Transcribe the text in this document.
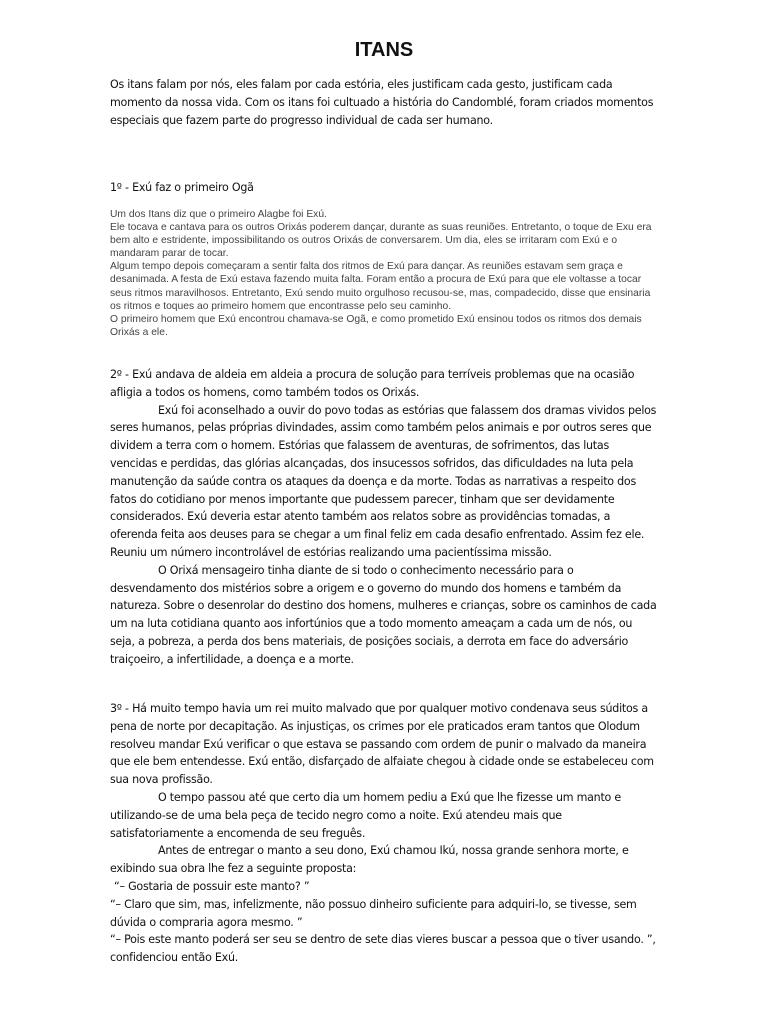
ITANS

Os itans falam por nós, eles falam por cada estória, eles justificam cada gesto, justificam cada momento da nossa vida. Com os itans foi cultuado a história do Candomblé, foram criados momentos especiais que fazem parte do progresso individual de cada ser humano.

1º - Exú faz o primeiro Ogã

Um dos Itans diz que o primeiro Alagbe foi Exú.

Ele tocava e cantava para os outros Orixás poderem dançar, durante as suas reuniões. Entretanto, o toque de Exu era bem alto e estridente, impossibilitando os outros Orixás de conversarem. Um dia, eles se irritaram com Exú e o mandaram parar de tocar.

Algum tempo depois começaram a sentir falta dos ritmos de Exú para dançar. As reuniões estavam sem graça e desanimada. A festa de Exú estava fazendo muita falta. Foram então a procura de Exú para que ele voltasse a tocar seus ritmos maravilhosos. Entretanto, Exú sendo muito orgulhoso recusou-se, mas, compadecido, disse que ensinaria os ritmos e toques ao primeiro homem que encontrasse pelo seu caminho.

O primeiro homem que Exú encontrou chamava-se Ogã, e como prometido Exú ensinou todos os ritmos dos demais Orixás a ele.

2º - Exú andava de aldeia em aldeia a procura de solução para terríveis problemas que na ocasião afligia a todos os homens, como também todos os Orixás.

Exú foi aconselhado a ouvir do povo todas as estórias que falassem dos dramas vividos pelos seres humanos, pelas próprias divindades, assim como também pelos animais e por outros seres que dividem a terra com o homem. Estórias que falassem de aventuras, de sofrimentos, das lutas vencidas e perdidas, das glórias alcançadas, dos insucessos sofridos, das dificuldades na luta pela manutenção da saúde contra os ataques da doença e da morte. Todas as narrativas a respeito dos fatos do cotidiano por menos importante que pudessem parecer, tinham que ser devidamente considerados. Exú deveria estar atento também aos relatos sobre as providências tomadas, a oferenda feita aos deuses para se chegar a um final feliz em cada desafio enfrentado. Assim fez ele. Reuniu um número incontrolável de estórias realizando uma pacientíssima missão.

O Orixá mensageiro tinha diante de si todo o conhecimento necessário para o desvendamento dos mistérios sobre a origem e o governo do mundo dos homens e também da natureza. Sobre o desenrolar do destino dos homens, mulheres e crianças, sobre os caminhos de cada um na luta cotidiana quanto aos infortúnios que a todo momento ameaçam a cada um de nós, ou seja, a pobreza, a perda dos bens materiais, de posições sociais, a derrota em face do adversário traiçoeiro, a infertilidade, a doença e a morte.

3º - Há muito tempo havia um rei muito malvado que por qualquer motivo condenava seus súditos a pena de norte por decapitação. As injustiças, os crimes por ele praticados eram tantos que Olodum resolveu mandar Exú verificar o que estava se passando com ordem de punir o malvado da maneira que ele bem entendesse. Exú então, disfarçado de alfaiate chegou à cidade onde se estabeleceu com sua nova profissão.

O tempo passou até que certo dia um homem pediu a Exú que lhe fizesse um manto e utilizando-se de uma bela peça de tecido negro como a noite. Exú atendeu mais que satisfatoriamente a encomenda de seu freguês.

Antes de entregar o manto a seu dono, Exú chamou Ikú, nossa grande senhora morte, e exibindo sua obra lhe fez a seguinte proposta:

“– Gostaria de possuir este manto? ”

“– Claro que sim, mas, infelizmente, não possuo dinheiro suficiente para adquiri-lo, se tivesse, sem dúvida o compraria agora mesmo. ”

“– Pois este manto poderá ser seu se dentro de sete dias vieres buscar a pessoa que o tiver usando. ”, confidenciou então Exú.
